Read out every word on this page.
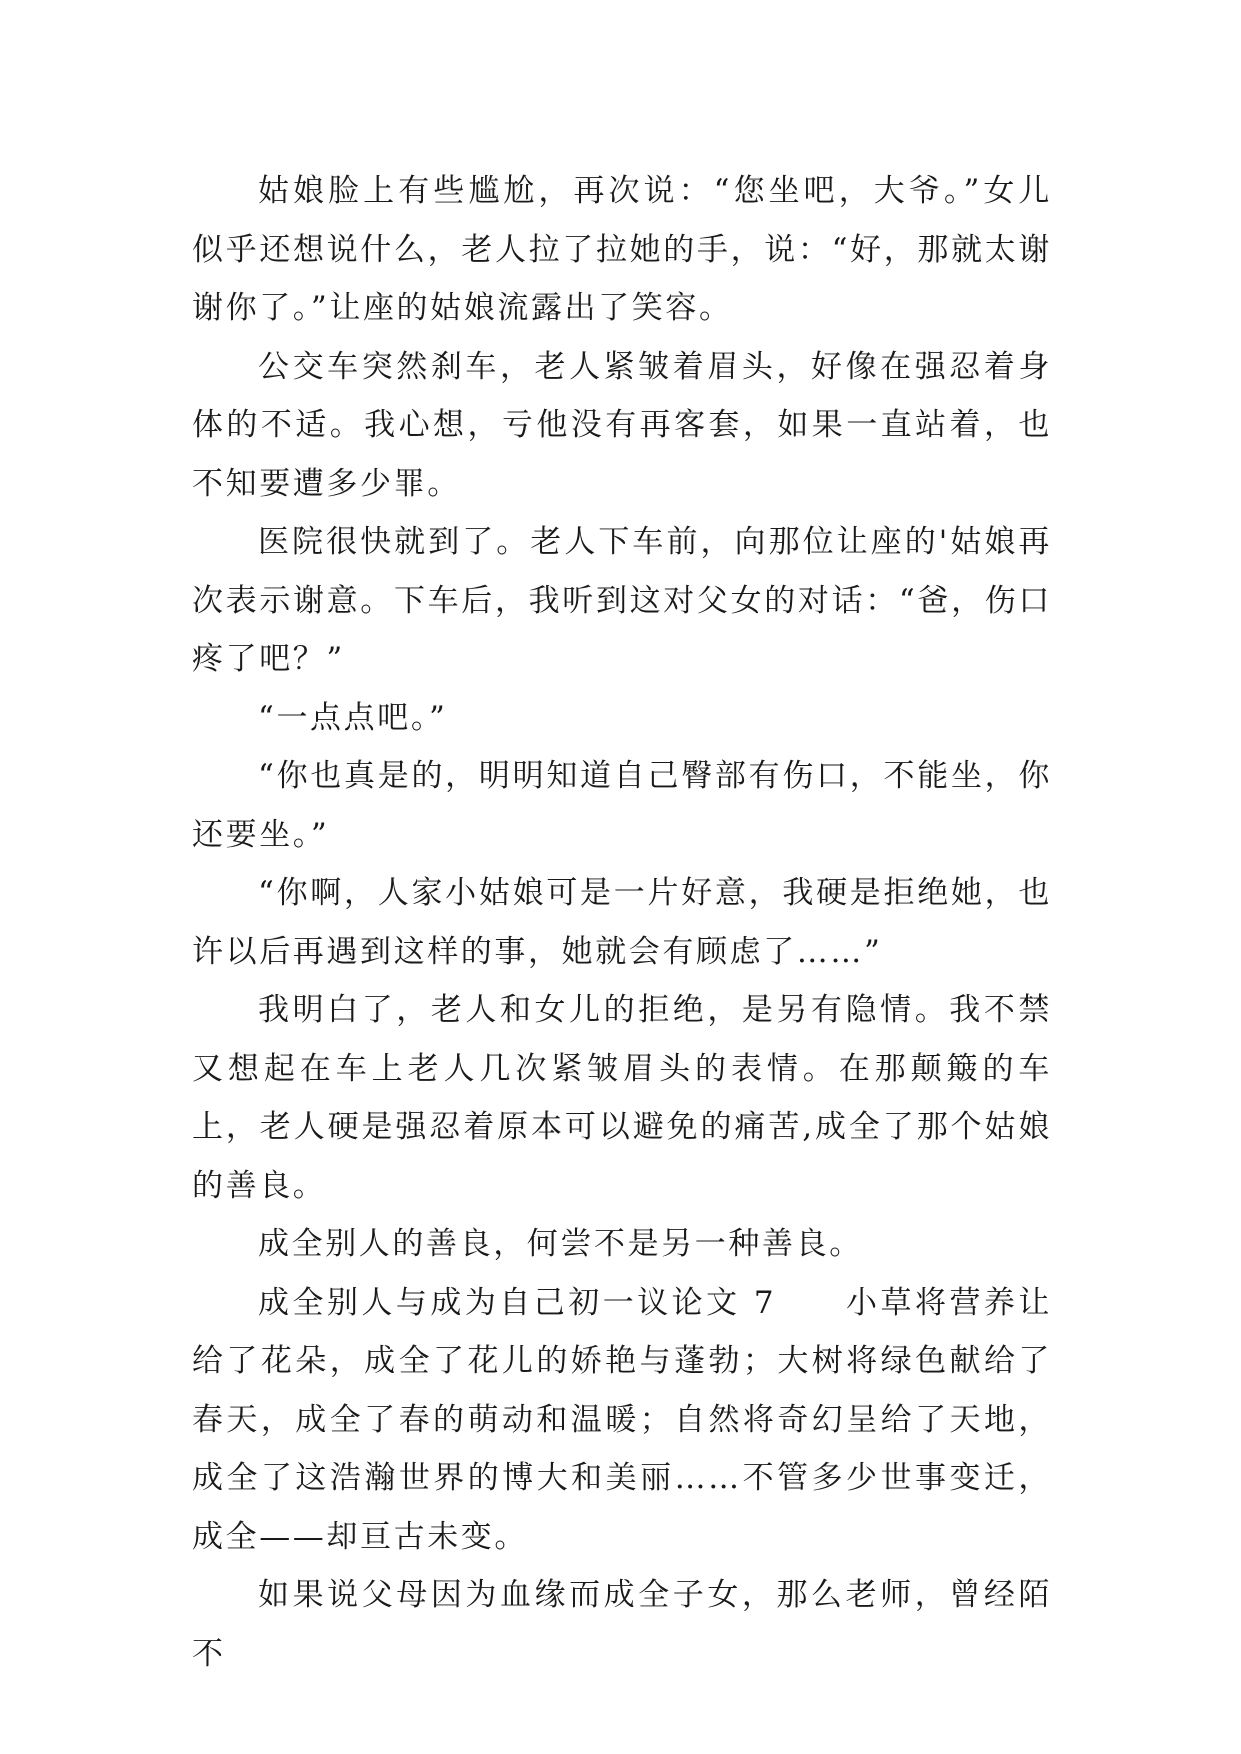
姑娘脸上有些尴尬，再次说：“您坐吧，大爷。”女儿似乎还想说什么，老人拉了拉她的手，说：“好，那就太谢谢你了。”让座的姑娘流露出了笑容。

公交车突然刹车，老人紧皱着眉头，好像在强忍着身体的不适。我心想，亏他没有再客套，如果一直站着，也不知要遭多少罪。

医院很快就到了。老人下车前，向那位让座的'姑娘再次表示谢意。下车后，我听到这对父女的对话：“爸，伤口疼了吧？”

“一点点吧。”

“你也真是的，明明知道自己臀部有伤口，不能坐，你还要坐。”

“你啊，人家小姑娘可是一片好意，我硬是拒绝她，也许以后再遇到这样的事，她就会有顾虑了……”

我明白了，老人和女儿的拒绝，是另有隐情。我不禁又想起在车上老人几次紧皱眉头的表情。在那颠簸的车上，老人硬是强忍着原本可以避免的痛苦,成全了那个姑娘的善良。

成全别人的善良，何尝不是另一种善良。

成全别人与成为自己初一议论文 7　　小草将营养让给了花朵，成全了花儿的娇艳与蓬勃；大树将绿色献给了春天，成全了春的萌动和温暖；自然将奇幻呈给了天地，成全了这浩瀚世界的博大和美丽……不管多少世事变迁，成全——却亘古未变。

如果说父母因为血缘而成全子女，那么老师，曾经陌不
